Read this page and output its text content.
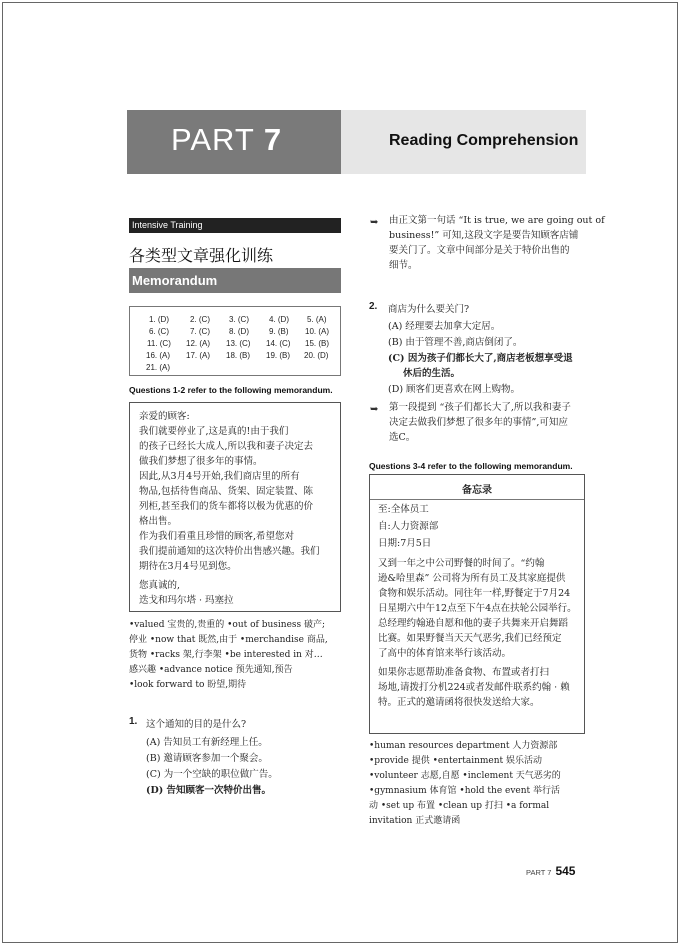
PART 7	Reading Comprehension
Intensive Training
各类型文章强化训练
Memorandum
1. (D)	2. (C) 3. (C)	4. (D) 5. (A)
6. (C)	7. (C) 8. (D)	9. (B) 10. (A)
11. (C) 12. (A) 13. (C) 14. (C) 15. (B)
16. (A) 17. (A) 18. (B) 19. (B) 20. (D)
21. (A)
Questions 1-2 refer to the following memorandum.
亲爱的顾客:
我们就要停业了,这是真的!由于我们
的孩子已经长大成人,所以我和妻子决定去
做我们梦想了很多年的事情。
因此,从3月4号开始,我们商店里的所有
物品,包括待售商品、货架、固定装置、陈
列柜,甚至我们的货车都将以极为优惠的价
格出售。
作为我们看重且珍惜的顾客,希望您对
我们提前通知的这次特价出售感兴趣。我们
期待在3月4号见到您。
您真诚的,
迭戈和玛尔塔 · 玛塞拉
•valued 宝贵的,贵重的 •out of business 破产;
停业 •now that 既然,由于 •merchandise 商品,
货物 •racks 架,行李架 •be interested in 对…
感兴趣 •advance notice 预先通知,预告
•look forward to 盼望,期待
1. 这个通知的目的是什么?
(A) 告知员工有新经理上任。
(B) 邀请顾客参加一个聚会。
(C) 为一个空缺的职位做广告。
(D) 告知顾客一次特价出售。
➥ 由正文第一句话 “It is true, we are going out of
business!” 可知,这段文字是要告知顾客店铺
要关门了。文章中间部分是关于特价出售的
细节。
2. 商店为什么要关门?
(A) 经理要去加拿大定居。
(B) 由于管理不善,商店倒闭了。
(C) 因为孩子们都长大了,商店老板想享受退
休后的生活。
(D) 顾客们更喜欢在网上购物。
➥ 第一段提到 “孩子们都长大了,所以我和妻子
决定去做我们梦想了很多年的事情”,可知应
选C。
Questions 3-4 refer to the following memorandum.
备忘录
至:全体员工
自:人力资源部
日期:7月5日
又到一年之中公司野餐的时间了。“约翰
逊&哈里森” 公司将为所有员工及其家庭提供
食物和娱乐活动。同往年一样,野餐定于7月24
日星期六中午12点至下午4点在扶轮公园举行。
总经理约翰逊自愿和他的妻子共舞来开启舞蹈
比赛。如果野餐当天天气恶劣,我们已经预定
了高中的体育馆来举行该活动。
如果你志愿帮助准备食物、布置或者打扫
场地,请拨打分机224或者发邮件联系约翰 · 赖
特。正式的邀请函将很快发送给大家。
•human resources department 人力资源部
•provide 提供 •entertainment 娱乐活动
•volunteer 志愿,自愿 •inclement 天气恶劣的
•gymnasium 体育馆 •hold the event 举行活
动 •set up 布置 •clean up 打扫 •a formal
invitation 正式邀请函
PART 7 545
